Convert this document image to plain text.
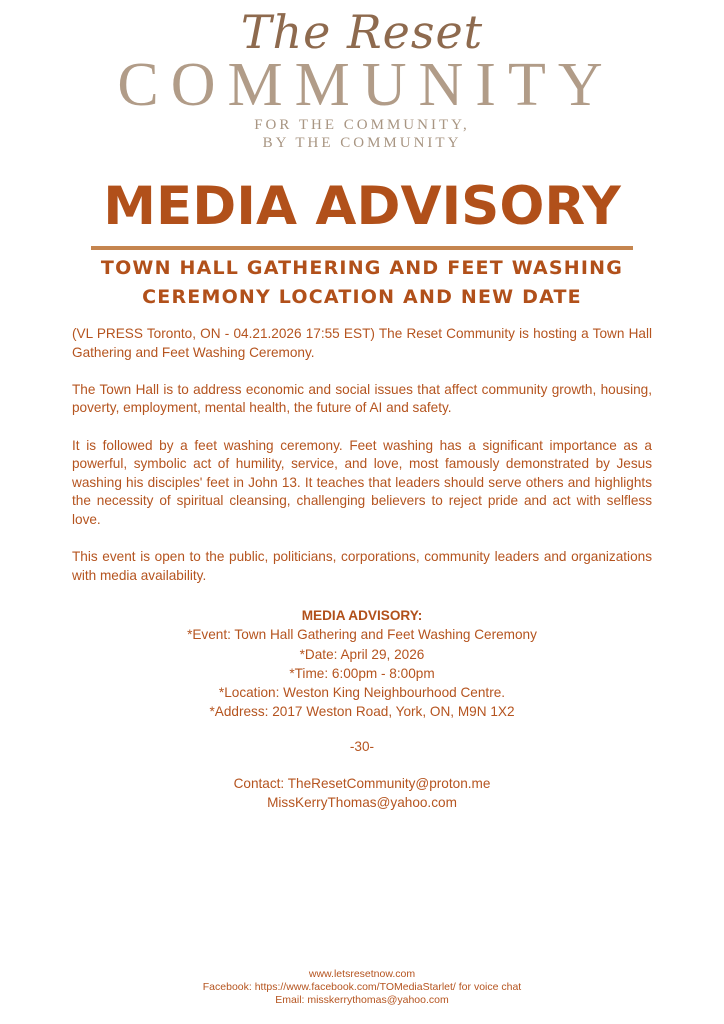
The Reset
COMMUNITY
FOR THE COMMUNITY,
BY THE COMMUNITY
MEDIA ADVISORY
TOWN HALL GATHERING AND FEET WASHING
CEREMONY LOCATION AND NEW DATE

(VL PRESS Toronto, ON - 04.21.2026 17:55 EST) The Reset Community is hosting a Town Hall Gathering and Feet Washing Ceremony.

The Town Hall is to address economic and social issues that affect community growth, housing, poverty, employment, mental health, the future of AI and safety.

It is followed by a feet washing ceremony. Feet washing has a significant importance as a powerful, symbolic act of humility, service, and love, most famously demonstrated by Jesus washing his disciples' feet in John 13. It teaches that leaders should serve others and highlights the necessity of spiritual cleansing, challenging believers to reject pride and act with selfless love.

This event is open to the public, politicians, corporations, community leaders and organizations with media availability.

MEDIA ADVISORY:
*Event: Town Hall Gathering and Feet Washing Ceremony
*Date: April 29, 2026
*Time: 6:00pm - 8:00pm
*Location: Weston King Neighbourhood Centre.
*Address: 2017 Weston Road, York, ON, M9N 1X2
-30-
Contact: TheResetCommunity@proton.me
MissKerryThomas@yahoo.com
www.letsresetnow.com
Facebook: https://www.facebook.com/TOMediaStarlet/ for voice chat
Email: misskerrythomas@yahoo.com
